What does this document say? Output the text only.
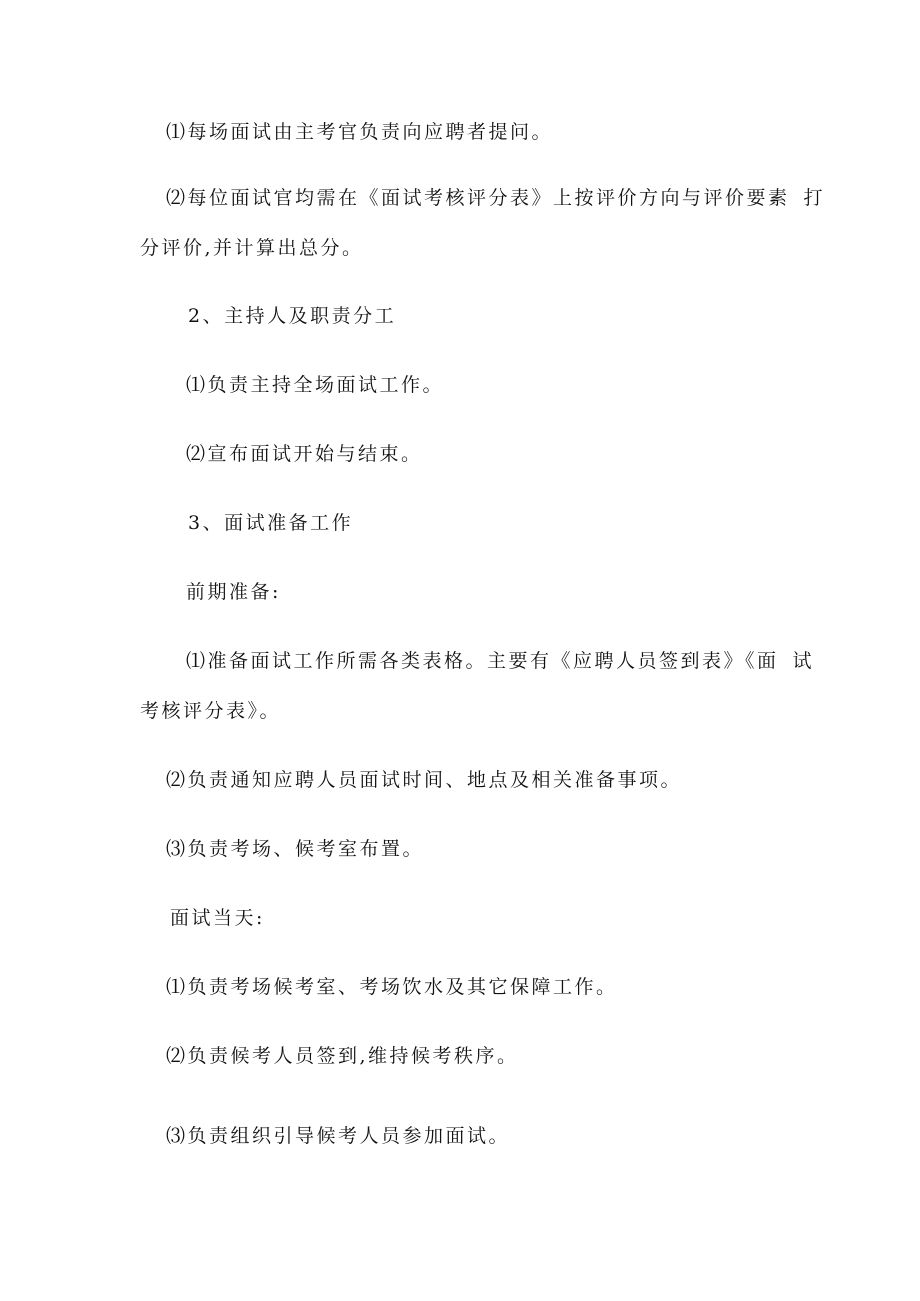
⑴每场面试由主考官负责向应聘者提问。
⑵每位面试官均需在《面试考核评分表》上按评价方向与评价要素 打
分评价,并计算出总分。
2、主持人及职责分工
⑴负责主持全场面试工作。
⑵宣布面试开始与结束。
3、面试准备工作
前期准备:
⑴准备面试工作所需各类表格。主要有《应聘人员签到表》《面 试
考核评分表》。
⑵负责通知应聘人员面试时间、地点及相关准备事项。
⑶负责考场、候考室布置。
面试当天:
⑴负责考场候考室、考场饮水及其它保障工作。
⑵负责候考人员签到,维持候考秩序。
⑶负责组织引导候考人员参加面试。
